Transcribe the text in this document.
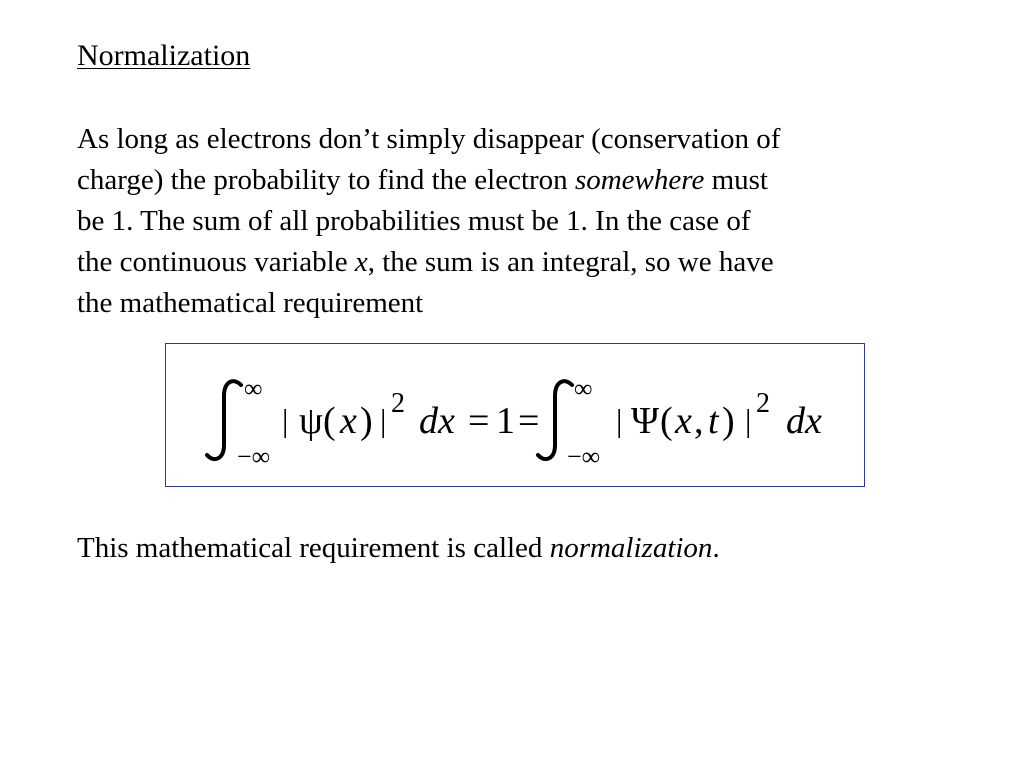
Normalization
As long as electrons don’t simply disappear (conservation of
charge) the probability to find the electron somewhere must
be 1. The sum of all probabilities must be 1. In the case of
the continuous variable x, the sum is an integral, so we have
the mathematical requirement
∞
−∞
| ψ ( x ) | 2 dx = 1 =
∞
−∞
| Ψ ( x , t ) | 2 dx
This mathematical requirement is called normalization.
